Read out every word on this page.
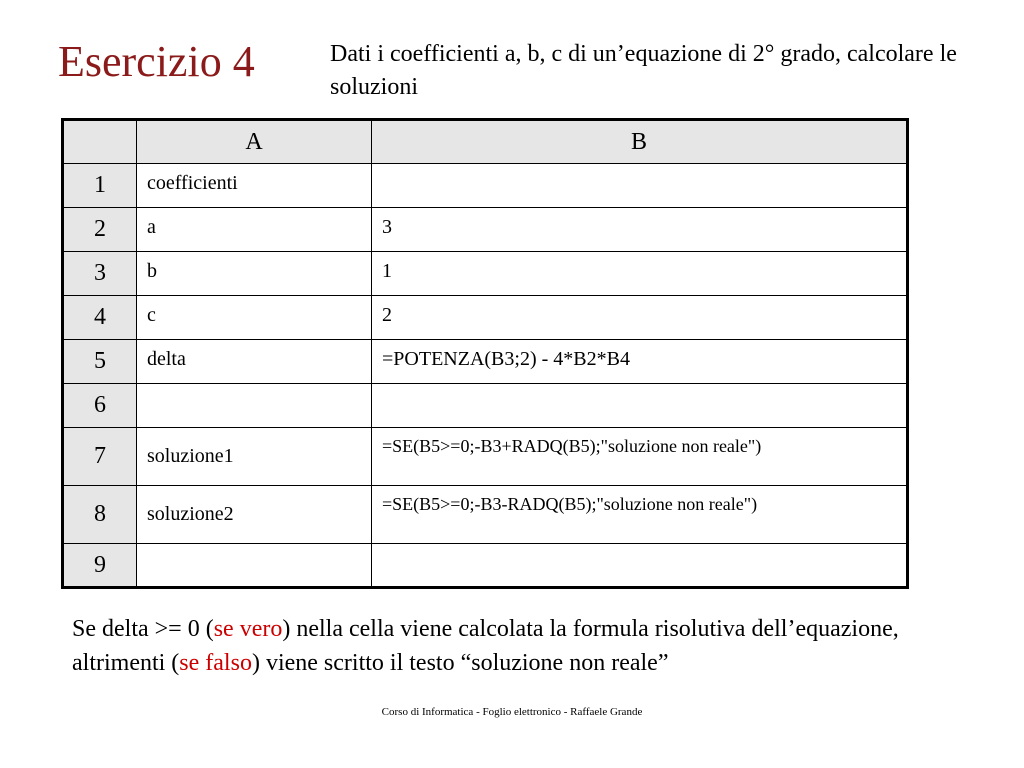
Esercizio 4	Dati i coefficienti a, b, c di un’equazione di 2° grado, calcolare le soluzioni

	A	B
1	coefficienti	
2	a	3
3	b	1
4	c	2
5	delta	=POTENZA(B3;2) - 4*B2*B4
6		
7	soluzione1	=SE(B5>=0;-B3+RADQ(B5);"soluzione non reale")
8	soluzione2	=SE(B5>=0;-B3-RADQ(B5);"soluzione non reale")
9		

Se delta >= 0 (se vero) nella cella viene calcolata la formula risolutiva dell’equazione, altrimenti (se falso) viene scritto il testo “soluzione non reale”

Corso di Informatica - Foglio elettronico - Raffaele Grande
